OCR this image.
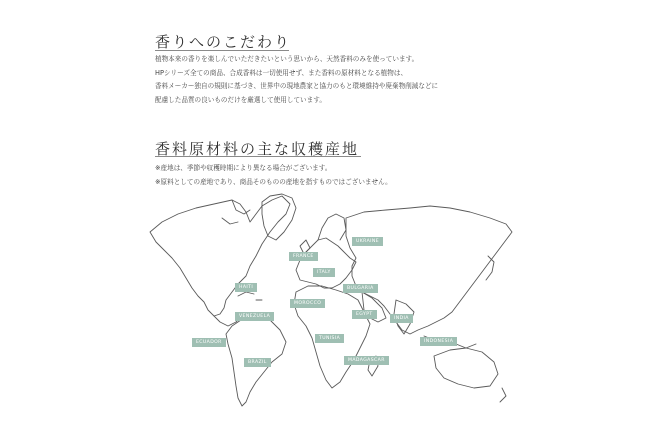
香りへのこだわり
植物本来の香りを楽しんでいただきたいという思いから、天然香料のみを使っています。
HPシリーズ全ての商品、合成香料は一切使用せず、また香料の原材料となる植物は、
香料メーカー独自の規則に基づき、世界中の現地農家と協力のもと環境維持や廃棄物削減などに
配慮した品質の良いものだけを厳選して使用しています。
香料原材料の主な収穫産地
※産地は、季節や収穫時期により異なる場合がございます。
※原料としての産地であり、商品そのものの産地を指すものではございません。
UKRAINE
FRANCE
ITALY
HAITI	BULGARIA
MOROCCO
VENEZUELA	EGYPT
INDIA
TUNISIA
ECUADOR	INDONESIA
BRAZIL	MADAGASCAR
